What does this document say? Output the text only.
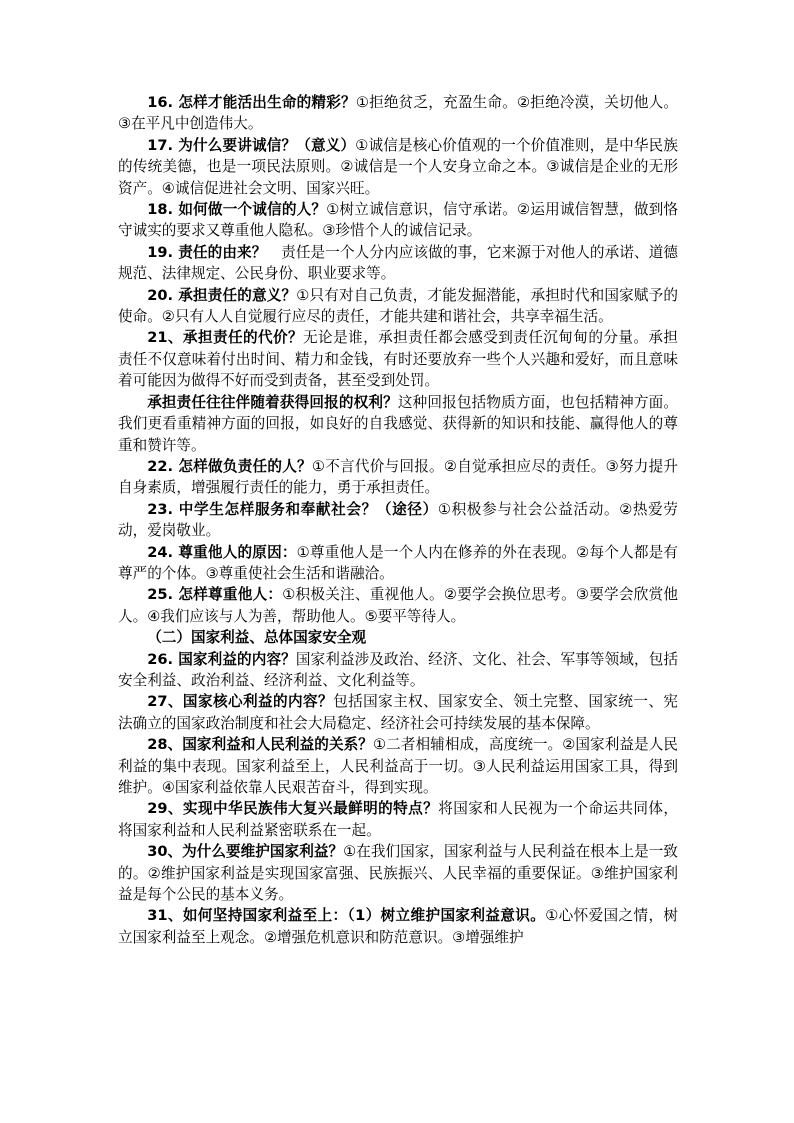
16. 怎样才能活出生命的精彩？①拒绝贫乏，充盈生命。②拒绝冷漠，关切他人。③在平凡中创造伟大。

17. 为什么要讲诚信？（意义）①诚信是核心价值观的一个价值准则，是中华民族的传统美德，也是一项民法原则。②诚信是一个人安身立命之本。③诚信是企业的无形资产。④诚信促进社会文明、国家兴旺。

18. 如何做一个诚信的人？①树立诚信意识，信守承诺。②运用诚信智慧，做到恪守诚实的要求又尊重他人隐私。③珍惜个人的诚信记录。

19. 责任的由来？　责任是一个人分内应该做的事，它来源于对他人的承诺、道德规范、法律规定、公民身份、职业要求等。

20. 承担责任的意义？①只有对自己负责，才能发掘潜能，承担时代和国家赋予的使命。②只有人人自觉履行应尽的责任，才能共建和谐社会，共享幸福生活。

21、承担责任的代价？无论是谁，承担责任都会感受到责任沉甸甸的分量。承担责任不仅意味着付出时间、精力和金钱，有时还要放弃一些个人兴趣和爱好，而且意味着可能因为做得不好而受到责备，甚至受到处罚。

承担责任往往伴随着获得回报的权利？这种回报包括物质方面，也包括精神方面。我们更看重精神方面的回报，如良好的自我感觉、获得新的知识和技能、赢得他人的尊重和赞许等。

22. 怎样做负责任的人？①不言代价与回报。②自觉承担应尽的责任。③努力提升自身素质，增强履行责任的能力，勇于承担责任。

23. 中学生怎样服务和奉献社会？（途径）①积极参与社会公益活动。②热爱劳动，爱岗敬业。

24. 尊重他人的原因：①尊重他人是一个人内在修养的外在表现。②每个人都是有尊严的个体。③尊重使社会生活和谐融洽。

25. 怎样尊重他人：①积极关注、重视他人。②要学会换位思考。③要学会欣赏他人。④我们应该与人为善，帮助他人。⑤要平等待人。

（二）国家利益、总体国家安全观

26. 国家利益的内容？国家利益涉及政治、经济、文化、社会、军事等领域，包括安全利益、政治利益、经济利益、文化利益等。

27、国家核心利益的内容？包括国家主权、国家安全、领土完整、国家统一、宪法确立的国家政治制度和社会大局稳定、经济社会可持续发展的基本保障。

28、国家利益和人民利益的关系？①二者相辅相成，高度统一。②国家利益是人民利益的集中表现。国家利益至上，人民利益高于一切。③人民利益运用国家工具，得到维护。④国家利益依靠人民艰苦奋斗，得到实现。

29、实现中华民族伟大复兴最鲜明的特点？将国家和人民视为一个命运共同体，将国家利益和人民利益紧密联系在一起。

30、为什么要维护国家利益？①在我们国家，国家利益与人民利益在根本上是一致的。②维护国家利益是实现国家富强、民族振兴、人民幸福的重要保证。③维护国家利益是每个公民的基本义务。

31、如何坚持国家利益至上：（1）树立维护国家利益意识。①心怀爱国之情，树立国家利益至上观念。②增强危机意识和防范意识。③增强维护
